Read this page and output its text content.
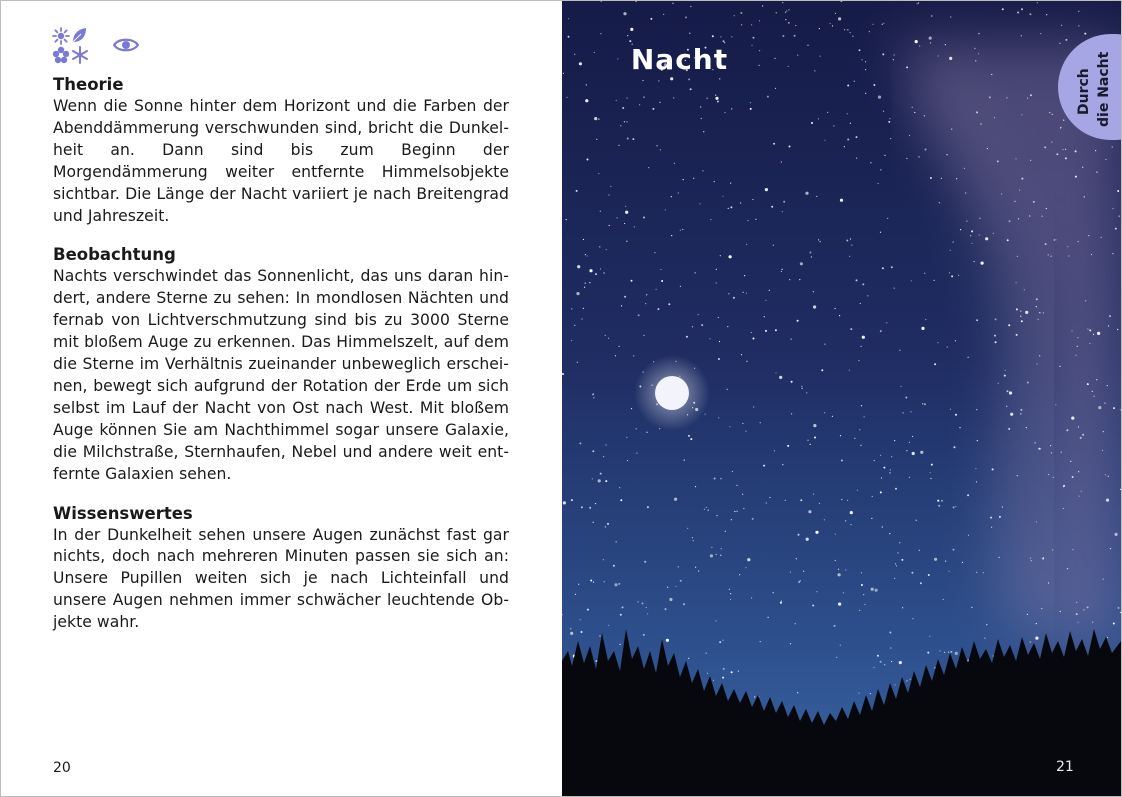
Theorie

Wenn die Sonne hinter dem Horizont und die Farben der Abenddämmerung verschwunden sind, bricht die Dunkel-heit an. Dann sind bis zum Beginn der Morgendämmerung weiter entfernte Himmelsobjekte sichtbar. Die Länge der Nacht variiert je nach Breitengrad und Jahreszeit.

Beobachtung

Nachts verschwindet das Sonnenlicht, das uns daran hin-dert, andere Sterne zu sehen: In mondlosen Nächten und fernab von Lichtverschmutzung sind bis zu 3000 Sterne mit bloßem Auge zu erkennen. Das Himmelszelt, auf dem die Sterne im Verhältnis zueinander unbeweglich erschei-nen, bewegt sich aufgrund der Rotation der Erde um sich selbst im Lauf der Nacht von Ost nach West. Mit bloßem Auge können Sie am Nachthimmel sogar unsere Galaxie, die Milchstraße, Sternhaufen, Nebel und andere weit ent-fernte Galaxien sehen.

Wissenswertes

In der Dunkelheit sehen unsere Augen zunächst fast gar nichts, doch nach mehreren Minuten passen sie sich an: Unsere Pupillen weiten sich je nach Lichteinfall und unsere Augen nehmen immer schwächer leuchtende Ob-jekte wahr.

20
Nacht
Durch die Nacht
21
